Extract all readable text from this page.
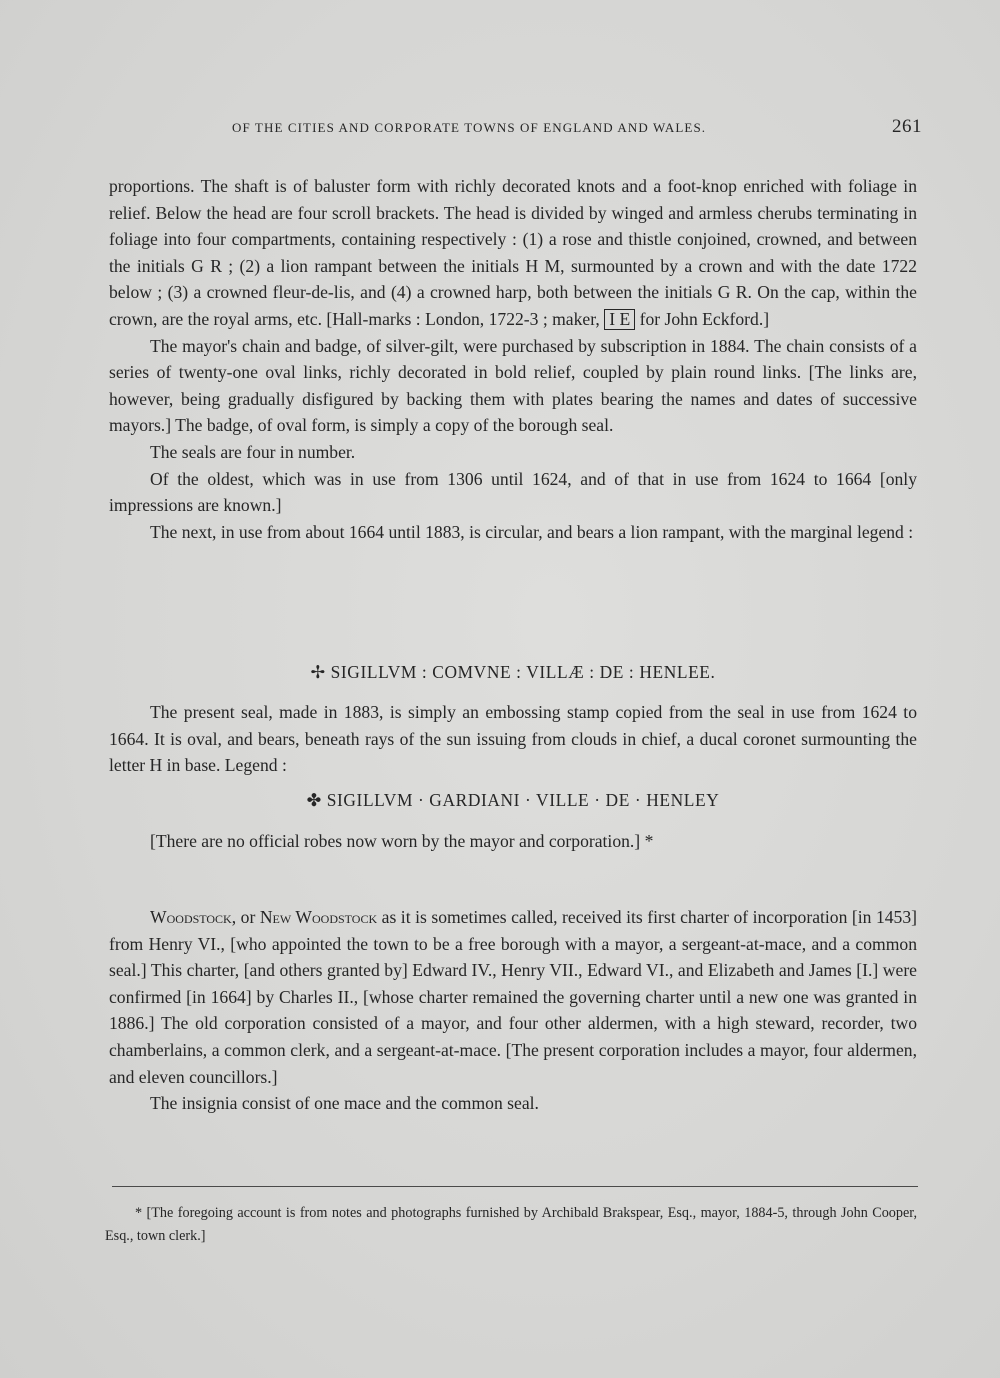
OF THE CITIES AND CORPORATE TOWNS OF ENGLAND AND WALES.	261

proportions. The shaft is of baluster form with richly decorated knots and a foot-knop enriched with foliage in relief. Below the head are four scroll brackets. The head is divided by winged and armless cherubs terminating in foliage into four compartments, containing respectively : (1) a rose and thistle conjoined, crowned, and between the initials G R ; (2) a lion rampant between the initials H M, surmounted by a crown and with the date 1722 below ; (3) a crowned fleur-de-lis, and (4) a crowned harp, both between the initials G R. On the cap, within the crown, are the royal arms, etc. [Hall-marks : London, 1722-3 ; maker, I E for John Eckford.]

The mayor's chain and badge, of silver-gilt, were purchased by subscription in 1884. The chain consists of a series of twenty-one oval links, richly decorated in bold relief, coupled by plain round links. [The links are, however, being gradually disfigured by backing them with plates bearing the names and dates of successive mayors.] The badge, of oval form, is simply a copy of the borough seal.

The seals are four in number.

Of the oldest, which was in use from 1306 until 1624, and of that in use from 1624 to 1664 [only impressions are known.]

The next, in use from about 1664 until 1883, is circular, and bears a lion rampant, with the marginal legend :

✢ SIGILLVM : COMVNE : VILLÆ : DE : HENLEE.

The present seal, made in 1883, is simply an embossing stamp copied from the seal in use from 1624 to 1664. It is oval, and bears, beneath rays of the sun issuing from clouds in chief, a ducal coronet surmounting the letter H in base. Legend :

✤ SIGILLVM · GARDIANI · VILLE · DE · HENLEY

[There are no official robes now worn by the mayor and corporation.] *

Woodstock, or New Woodstock as it is sometimes called, received its first charter of incorporation [in 1453] from Henry VI., [who appointed the town to be a free borough with a mayor, a sergeant-at-mace, and a common seal.] This charter, [and others granted by] Edward IV., Henry VII., Edward VI., and Elizabeth and James [I.] were confirmed [in 1664] by Charles II., [whose charter remained the governing charter until a new one was granted in 1886.] The old corporation consisted of a mayor, and four other aldermen, with a high steward, recorder, two chamberlains, a common clerk, and a sergeant-at-mace. [The present corporation includes a mayor, four aldermen, and eleven councillors.]

The insignia consist of one mace and the common seal.

* [The foregoing account is from notes and photographs furnished by Archibald Brakspear, Esq., mayor, 1884-5, through John Cooper, Esq., town clerk.]
